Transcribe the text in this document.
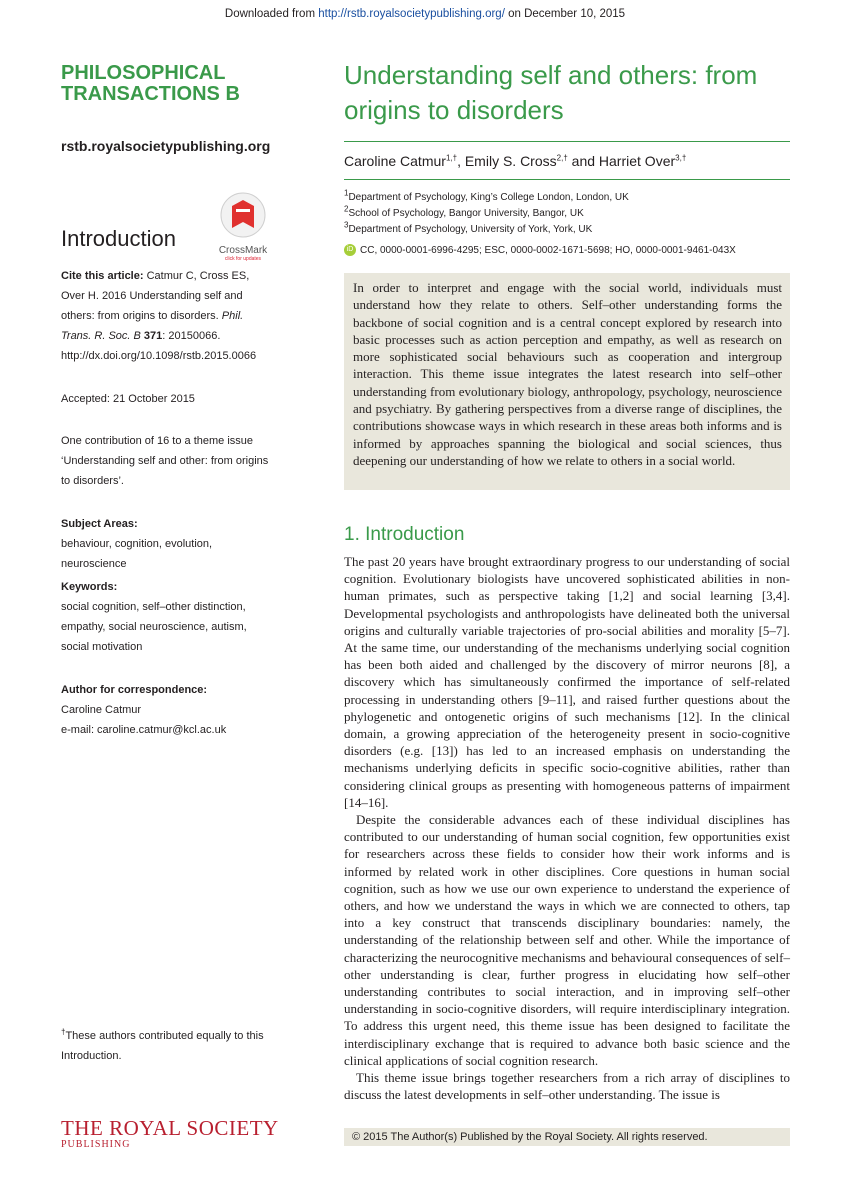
Downloaded from http://rstb.royalsocietypublishing.org/ on December 10, 2015
PHILOSOPHICAL
TRANSACTIONS B
rstb.royalsocietypublishing.org
CrossMark
click for updates
Introduction
Cite this article: Catmur C, Cross ES, Over H. 2016 Understanding self and others: from origins to disorders. Phil. Trans. R. Soc. B 371: 20150066.
http://dx.doi.org/10.1098/rstb.2015.0066
Accepted: 21 October 2015
One contribution of 16 to a theme issue ‘Understanding self and other: from origins to disorders’.
Subject Areas:
behaviour, cognition, evolution, neuroscience
Keywords:
social cognition, self–other distinction,
empathy, social neuroscience, autism,
social motivation
Author for correspondence:
Caroline Catmur
e-mail: caroline.catmur@kcl.ac.uk
†These authors contributed equally to this Introduction.
THE ROYAL SOCIETY
PUBLISHING
Understanding self and others: from origins to disorders
Caroline Catmur$^{1,\dagger}$, Emily S. Cross$^{2,\dagger}$ and Harriet Over$^{3,\dagger}$
$^1$Department of Psychology, King’s College London, London, UK
$^2$School of Psychology, Bangor University, Bangor, UK
$^3$Department of Psychology, University of York, York, UK
iD CC, 0000-0001-6996-4295; ESC, 0000-0002-1671-5698; HO, 0000-0001-9461-043X
In order to interpret and engage with the social world, individuals must understand how they relate to others. Self–other understanding forms the backbone of social cognition and is a central concept explored by research into basic processes such as action perception and empathy, as well as research on more sophisticated social behaviours such as cooperation and intergroup interaction. This theme issue integrates the latest research into self–other understanding from evolutionary biology, anthropology, psychology, neuroscience and psychiatry. By gathering perspectives from a diverse range of disciplines, the contributions showcase ways in which research in these areas both informs and is informed by approaches spanning the biological and social sciences, thus deepening our understanding of how we relate to others in a social world.
1. Introduction

The past 20 years have brought extraordinary progress to our understanding of social cognition. Evolutionary biologists have uncovered sophisticated abilities in non-human primates, such as perspective taking [1,2] and social learning [3,4]. Developmental psychologists and anthropologists have delineated both the universal origins and culturally variable trajectories of pro-social abilities and morality [5–7]. At the same time, our understanding of the mechanisms underlying social cognition has been both aided and challenged by the discovery of mirror neurons [8], a discovery which has simultaneously confirmed the importance of self-related processing in understanding others [9–11], and raised further questions about the phylogenetic and ontogenetic origins of such mechanisms [12]. In the clinical domain, a growing appreciation of the heterogeneity present in socio-cognitive disorders (e.g. [13]) has led to an increased emphasis on understanding the mechanisms underlying deficits in specific socio-cognitive abilities, rather than considering clinical groups as presenting with homogeneous patterns of impairment [14–16].

Despite the considerable advances each of these individual disciplines has contributed to our understanding of human social cognition, few opportunities exist for researchers across these fields to consider how their work informs and is informed by related work in other disciplines. Core questions in human social cognition, such as how we use our own experience to understand the experience of others, and how we understand the ways in which we are connected to others, tap into a key construct that transcends disciplinary boundaries: namely, the understanding of the relationship between self and other. While the importance of characterizing the neurocognitive mechanisms and behavioural consequences of self–other understanding is clear, further progress in elucidating how self–other understanding contributes to social interaction, and in improving self–other understanding in socio-cognitive disorders, will require interdisciplinary integration. To address this urgent need, this theme issue has been designed to facilitate the interdisciplinary exchange that is required to advance both basic science and the clinical applications of social cognition research.

This theme issue brings together researchers from a rich array of disciplines to discuss the latest developments in self–other understanding. The issue is

© 2015 The Author(s) Published by the Royal Society. All rights reserved.
